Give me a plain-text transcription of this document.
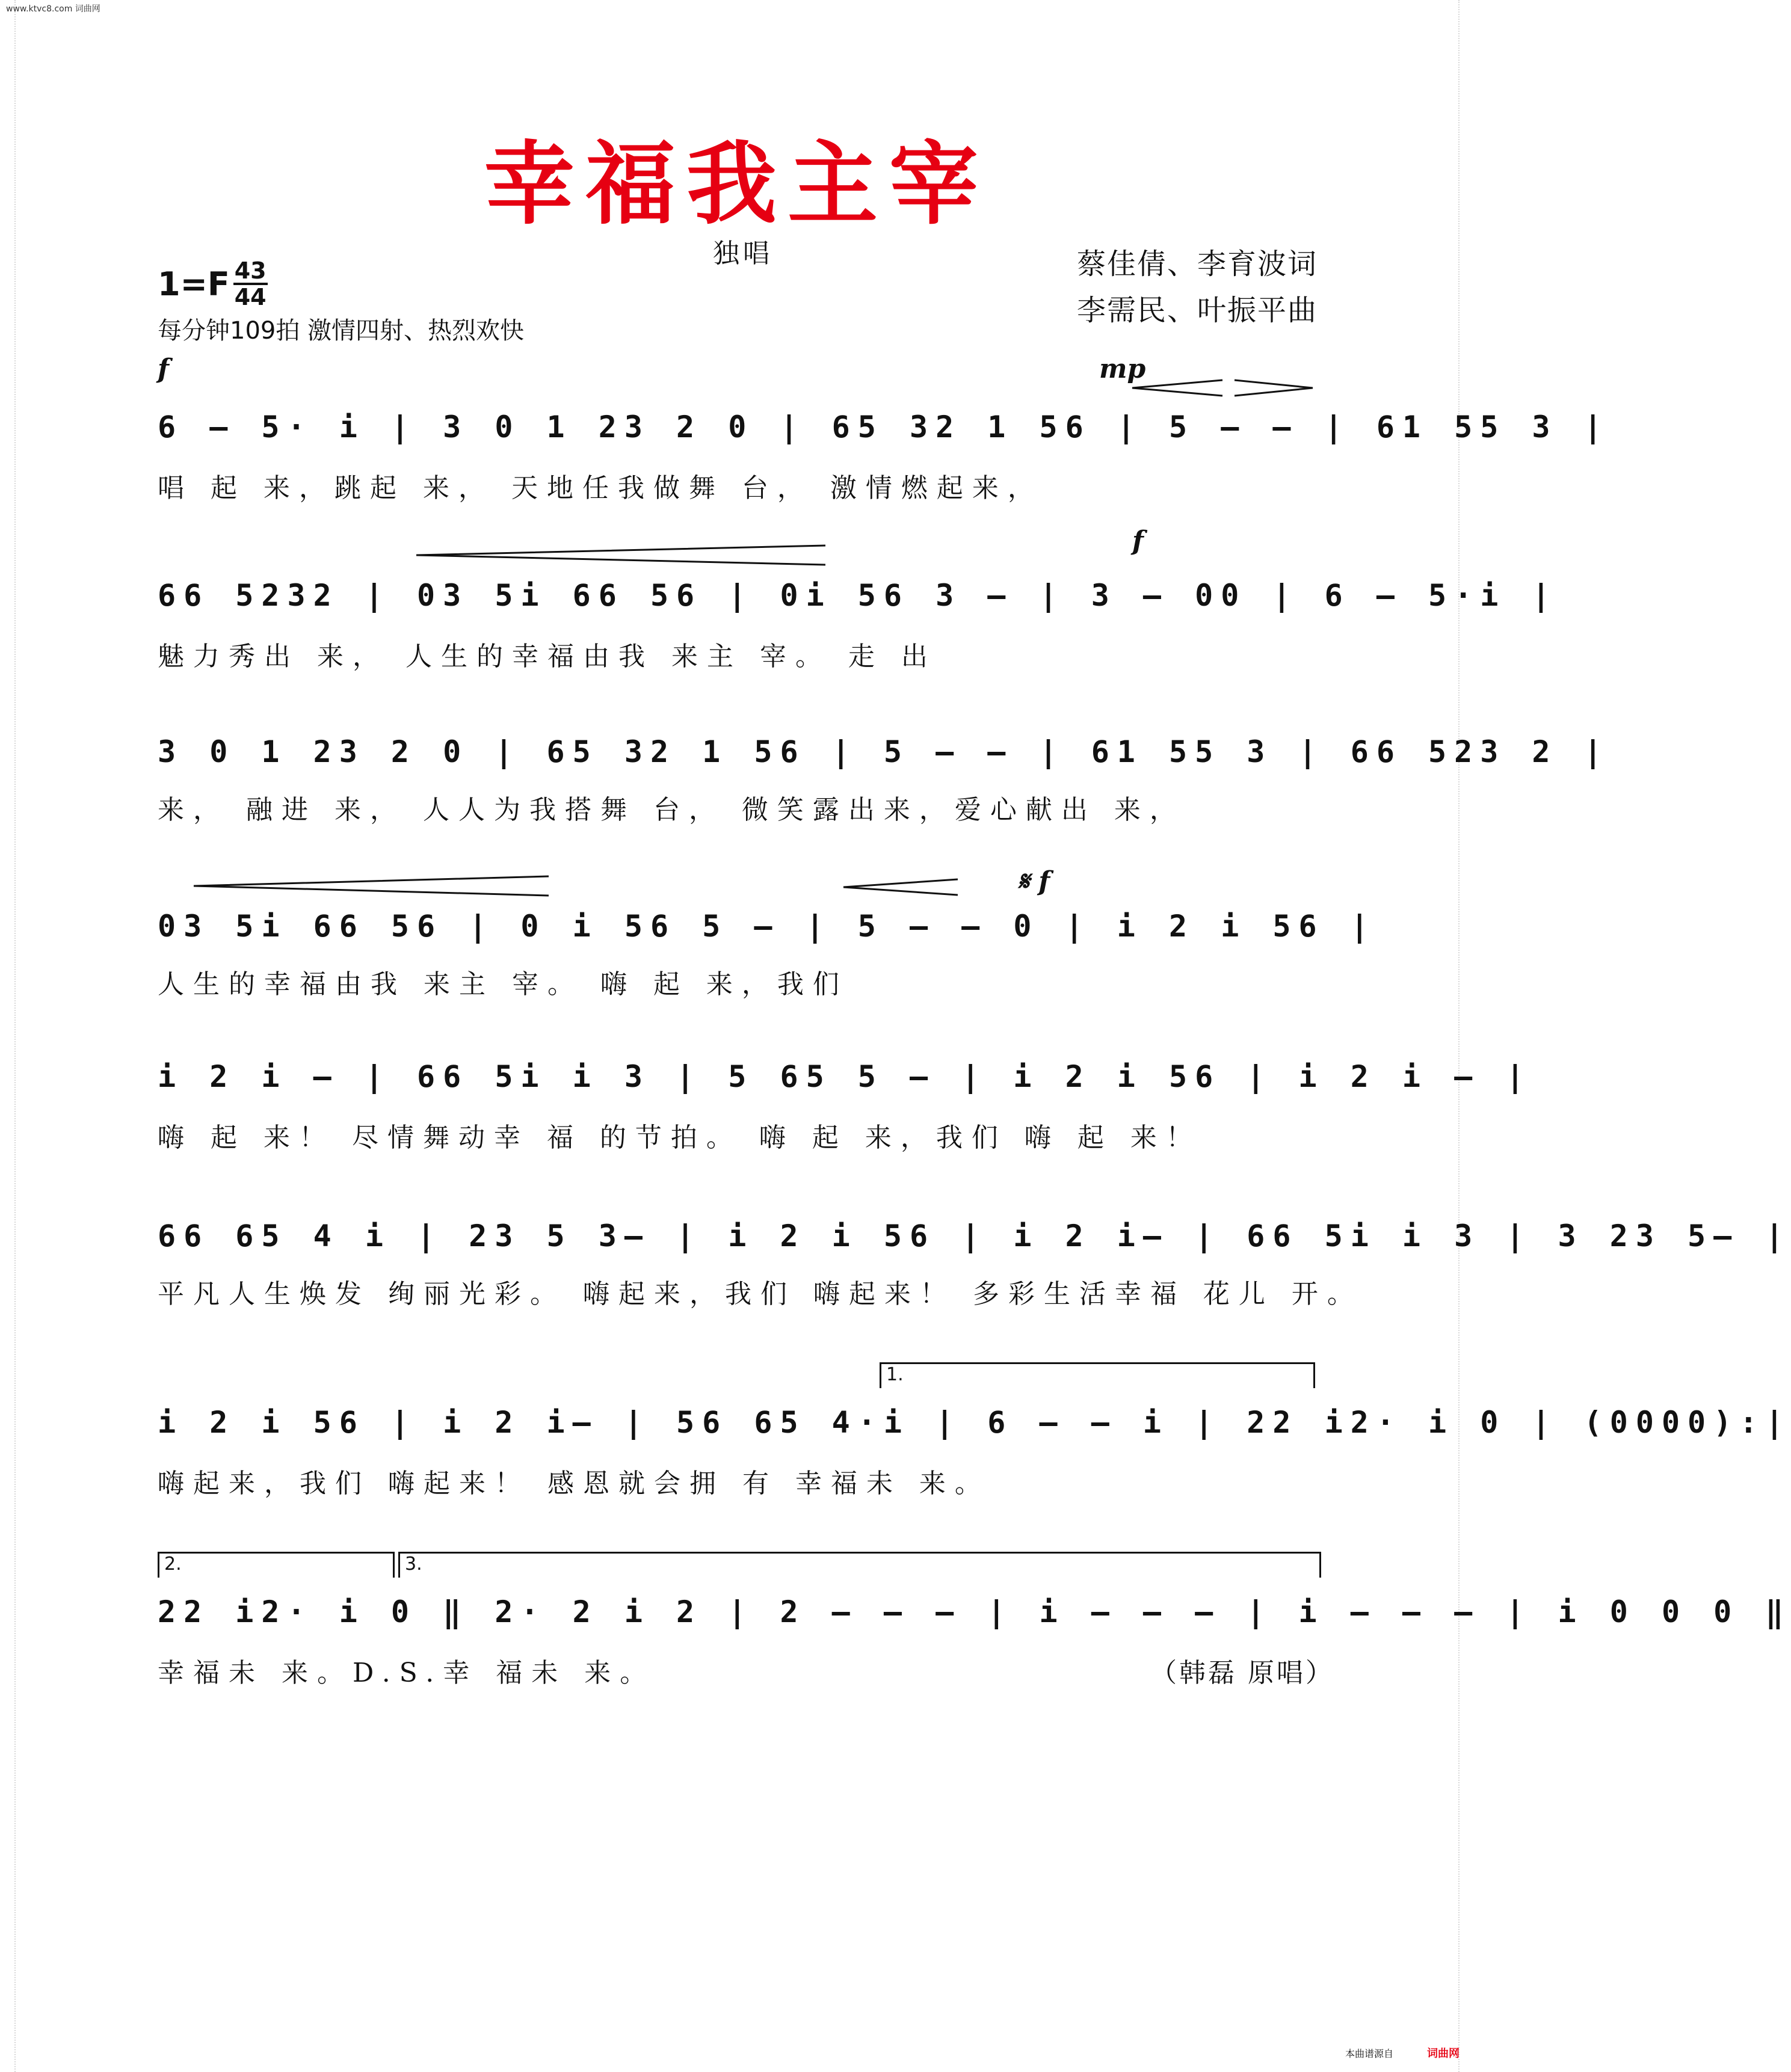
www.ktvc8.com 词曲网
幸福我主宰
独唱	蔡佳倩、李育波词
李需民、叶振平曲
$1=F \frac{43}{44}$
每分钟109拍 激情四射、热烈欢快
f	mp
6 – 5· i | 3 0 1 23 2 0 | 65 32 1 56 | 5 – – | 61 55 3 |
唱 起 来，跳起 来， 天地任我做舞 台， 激情燃起来，
f
66 5232 | 03 5i 66 56 | 0i 56 3 – | 3 – 00 | 6 – 5·i |
魅力秀出 来， 人生的幸福由我 来主 宰。 走 出
3 0 1 23 2 0 | 65 32 1 56 | 5 – – | 61 55 3 | 66 523 2 |
来， 融进 来， 人人为我搭舞 台， 微笑露出来，爱心献出 来，
𝄋 f
03 5i 66 56 | 0 i 56 5 – | 5 – – 0 | i 2 i 56 |
人生的幸福由我 来主 宰。 嗨 起 来，我们
i 2 i – | 66 5i i 3 | 5 65 5 – | i 2 i 56 | i 2 i – |
嗨 起 来！ 尽情舞动幸 福 的节拍。 嗨 起 来，我们 嗨 起 来！
66 65 4 i | 23 5 3– | i 2 i 56 | i 2 i– | 66 5i i 3 | 3 23 5– |
平凡人生焕发 绚丽光彩。 嗨起来，我们 嗨起来！ 多彩生活幸福 花儿 开。
1.
i 2 i 56 | i 2 i– | 56 65 4·i | 6 – – i | 22 i2· i 0 | (0000):|
嗨起来，我们 嗨起来！ 感恩就会拥 有 幸福未 来。
2.	3.
22 i2· i 0 ‖ 2· 2 i 2 | 2 – – – | i – – – | i – – – | i 0 0 0 ‖
幸福未 来。D.S.幸 福未 来。	（韩磊 原唱）
本曲谱源自	词曲网
